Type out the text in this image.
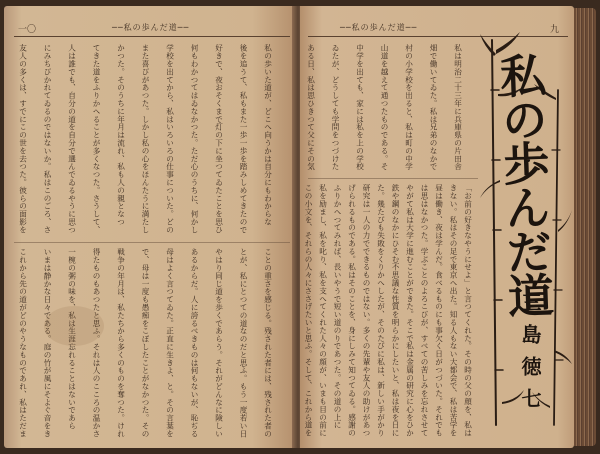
一〇	──私の歩んだ道──
私の歩いた道が、どこへ向うかは自分にもわからな
後を追うて、私もまた一歩一歩を踏みしめてきたので
好きで、夜おそくまで灯の下に坐つてゐたことを思ひ
何もわかつてはゐなかつた。ただ心のうちに、何かし
学校を出てから、私はいろいろの仕事についた。どの
また喜びがあつた。しかし私の心をほんたうに満たし
かつた。そのうちに年月は流れ、私も人の親となつ
てきた道をふりかへることが多くなつた。さうして、
人は誰でも、自分の道を自分で選んでゐるやうに思つ
にみちびかれてゐるのではないか。私はこのごろ、さ
友人の多くは、すでにこの世を去つた。彼らの面影を
ことの重さを感じる。残された者には、残された者の
とが、私にとつての道なのだと思ふ。もう一度若い日
やはり同じ道を歩くであらう。それがどんなに険しい
あるからだ。人に誇るべきものは何もないが、恥ぢる
母はよく言つてゐた。正直に生きよ、と。その言葉を
で、母は一度も愚痴をこぼしたことがなかつた。その
戦争の年月は、私たちから多くのものを奪つた。けれ
得たものもあつたと思ふ。それは人のこころの温かさ
一椀の粥の味を、私は生涯忘れることはないであら
いまは静かな日々である。庭の竹が風にそよぐ音をき
これから先の道がどのやうなものであれ、私はただま
──私の歩んだ道──	九
私は明治二十三年に兵庫県の片田舎
畑で働いてゐた。私は兄弟のなかで
村の小学校を出ると、私は町の中学
山道を越えて通つたものである。そ
中学を出ても、家には私を上の学校
ゐたが、どうしても学問をつづけた
ある日、私は思ひきつて父にその気
「お前の好きなやうにせよ」と言つてくれた。その時の父の顔を、私は
きない。私はその足で東京へ出た。知る人もない大都会で、私は苦学を
昼は働き、夜は学んだ。食べるものにも事欠く日がつづいた。それでも
は思はなかつた。学ぶことのよろこびが、すべての苦しみを忘れさせて
やがて私は大学に進むことができた。そこで私は金属の研究に心をひか
鉄や鋼のなかにひそむ不思議な性質を明らかにしたいと、私は夜を日に
た。幾たびも失敗をくりかへしたが、そのたびに私は、新しい手がかり
研究は一人の力でできるものではない。多くの先輩や友人の助けがあつ
げられるものである。私はそのことを、身にしみて知つてゐる。感謝の
ふりかへつてみれば、長いやうで短い道のりであつた。その道の上に
私を励まし、私を叱り、私を支へてくれた人々の顔が、いまも目の前に
この小文を、それらの人々にささげたいと思ふ。そして、これから道を
私の歩んだ道
三島徳七
